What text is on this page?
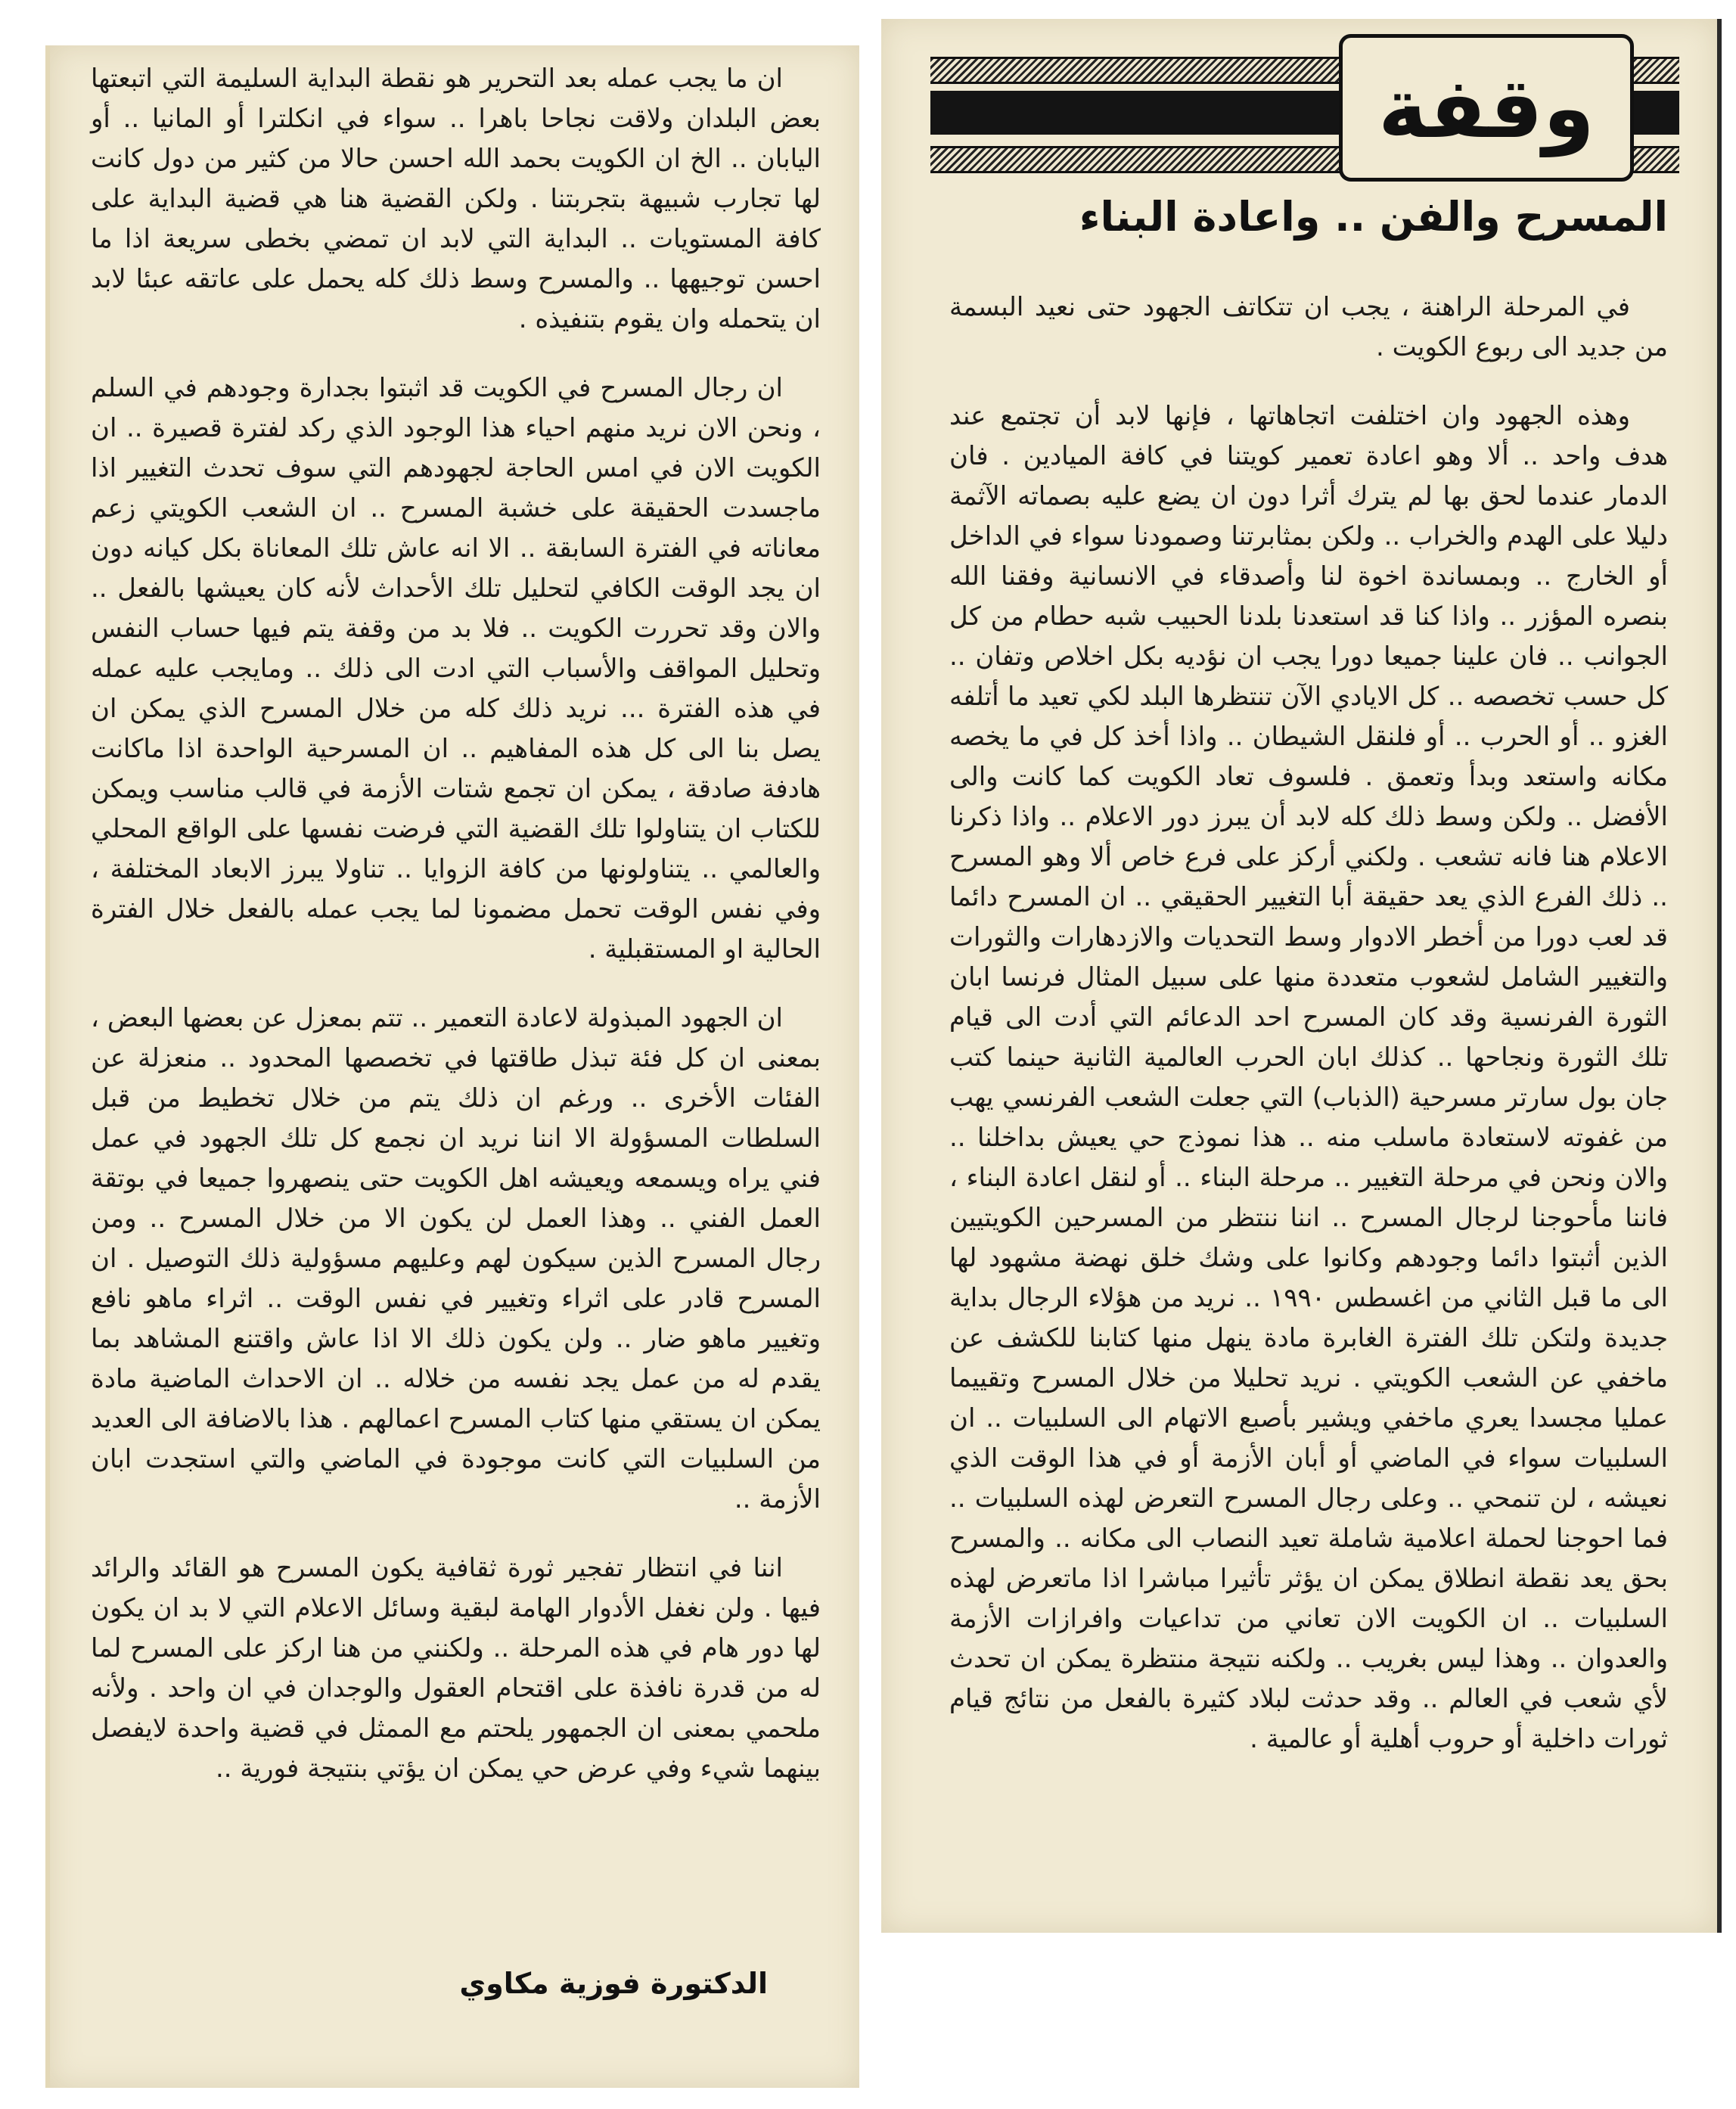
وقفة
المسرح والفن .. واعادة البناء

في المرحلة الراهنة ، يجب ان تتكاتف الجهود حتى نعيد البسمة من جديد الى ربوع الكويت .

وهذه الجهود وان اختلفت اتجاهاتها ، فإنها لابد أن تجتمع عند هدف واحد .. ألا وهو اعادة تعمير كويتنا في كافة الميادين . فان الدمار عندما لحق بها لم يترك أثرا دون ان يضع عليه بصماته الآثمة دليلا على الهدم والخراب .. ولكن بمثابرتنا وصمودنا سواء في الداخل أو الخارج .. وبمساندة اخوة لنا وأصدقاء في الانسانية وفقنا الله بنصره المؤزر .. واذا كنا قد استعدنا بلدنا الحبيب شبه حطام من كل الجوانب .. فان علينا جميعا دورا يجب ان نؤديه بكل اخلاص وتفان .. كل حسب تخصصه .. كل الايادي الآن تنتظرها البلد لكي تعيد ما أتلفه الغزو .. أو الحرب .. أو فلنقل الشيطان .. واذا أخذ كل في ما يخصه مكانه واستعد وبدأ وتعمق . فلسوف تعاد الكويت كما كانت والى الأفضل .. ولكن وسط ذلك كله لابد أن يبرز دور الاعلام .. واذا ذكرنا الاعلام هنا فانه تشعب . ولكني أركز على فرع خاص ألا وهو المسرح .. ذلك الفرع الذي يعد حقيقة أبا التغيير الحقيقي .. ان المسرح دائما قد لعب دورا من أخطر الادوار وسط التحديات والازدهارات والثورات والتغيير الشامل لشعوب متعددة منها على سبيل المثال فرنسا ابان الثورة الفرنسية وقد كان المسرح احد الدعائم التي أدت الى قيام تلك الثورة ونجاحها .. كذلك ابان الحرب العالمية الثانية حينما كتب جان بول سارتر مسرحية (الذباب) التي جعلت الشعب الفرنسي يهب من غفوته لاستعادة ماسلب منه .. هذا نموذج حي يعيش بداخلنا .. والان ونحن في مرحلة التغيير .. مرحلة البناء .. أو لنقل اعادة البناء ، فاننا مأحوجنا لرجال المسرح .. اننا ننتظر من المسرحين الكويتيين الذين أثبتوا دائما وجودهم وكانوا على وشك خلق نهضة مشهود لها الى ما قبل الثاني من اغسطس ١٩٩٠ .. نريد من هؤلاء الرجال بداية جديدة ولتكن تلك الفترة الغابرة مادة ينهل منها كتابنا للكشف عن ماخفي عن الشعب الكويتي . نريد تحليلا من خلال المسرح وتقييما عمليا مجسدا يعري ماخفي ويشير بأصبع الاتهام الى السلبيات .. ان السلبيات سواء في الماضي أو أبان الأزمة أو في هذا الوقت الذي نعيشه ، لن تنمحي .. وعلى رجال المسرح التعرض لهذه السلبيات .. فما احوجنا لحملة اعلامية شاملة تعيد النصاب الى مكانه .. والمسرح بحق يعد نقطة انطلاق يمكن ان يؤثر تأثيرا مباشرا اذا ماتعرض لهذه السلبيات .. ان الكويت الان تعاني من تداعيات وافرازات الأزمة والعدوان .. وهذا ليس بغريب .. ولكنه نتيجة منتظرة يمكن ان تحدث لأي شعب في العالم .. وقد حدثت لبلاد كثيرة بالفعل من نتائج قيام ثورات داخلية أو حروب أهلية أو عالمية .

ان ما يجب عمله بعد التحرير هو نقطة البداية السليمة التي اتبعتها بعض البلدان ولاقت نجاحا باهرا .. سواء في انكلترا أو المانيا .. أو اليابان .. الخ ان الكويت بحمد الله احسن حالا من كثير من دول كانت لها تجارب شبيهة بتجربتنا . ولكن القضية هنا هي قضية البداية على كافة المستويات .. البداية التي لابد ان تمضي بخطى سريعة اذا ما احسن توجيهها .. والمسرح وسط ذلك كله يحمل على عاتقه عبئا لابد ان يتحمله وان يقوم بتنفيذه .

ان رجال المسرح في الكويت قد اثبتوا بجدارة وجودهم في السلم ، ونحن الان نريد منهم احياء هذا الوجود الذي ركد لفترة قصيرة .. ان الكويت الان في امس الحاجة لجهودهم التي سوف تحدث التغيير اذا ماجسدت الحقيقة على خشبة المسرح .. ان الشعب الكويتي زعم معاناته في الفترة السابقة .. الا انه عاش تلك المعاناة بكل كيانه دون ان يجد الوقت الكافي لتحليل تلك الأحداث لأنه كان يعيشها بالفعل .. والان وقد تحررت الكويت .. فلا بد من وقفة يتم فيها حساب النفس وتحليل المواقف والأسباب التي ادت الى ذلك .. ومايجب عليه عمله في هذه الفترة ... نريد ذلك كله من خلال المسرح الذي يمكن ان يصل بنا الى كل هذه المفاهيم .. ان المسرحية الواحدة اذا ماكانت هادفة صادقة ، يمكن ان تجمع شتات الأزمة في قالب مناسب ويمكن للكتاب ان يتناولوا تلك القضية التي فرضت نفسها على الواقع المحلي والعالمي .. يتناولونها من كافة الزوايا .. تناولا يبرز الابعاد المختلفة ، وفي نفس الوقت تحمل مضمونا لما يجب عمله بالفعل خلال الفترة الحالية او المستقبلية .

ان الجهود المبذولة لاعادة التعمير .. تتم بمعزل عن بعضها البعض ، بمعنى ان كل فئة تبذل طاقتها في تخصصها المحدود .. منعزلة عن الفئات الأخرى .. ورغم ان ذلك يتم من خلال تخطيط من قبل السلطات المسؤولة الا اننا نريد ان نجمع كل تلك الجهود في عمل فني يراه ويسمعه ويعيشه اهل الكويت حتى ينصهروا جميعا في بوتقة العمل الفني .. وهذا العمل لن يكون الا من خلال المسرح .. ومن رجال المسرح الذين سيكون لهم وعليهم مسؤولية ذلك التوصيل . ان المسرح قادر على اثراء وتغيير في نفس الوقت .. اثراء ماهو نافع وتغيير ماهو ضار .. ولن يكون ذلك الا اذا عاش واقتنع المشاهد بما يقدم له من عمل يجد نفسه من خلاله .. ان الاحداث الماضية مادة يمكن ان يستقي منها كتاب المسرح اعمالهم . هذا بالاضافة الى العديد من السلبيات التي كانت موجودة في الماضي والتي استجدت ابان الأزمة ..

اننا في انتظار تفجير ثورة ثقافية يكون المسرح هو القائد والرائد فيها . ولن نغفل الأدوار الهامة لبقية وسائل الاعلام التي لا بد ان يكون لها دور هام في هذه المرحلة .. ولكنني من هنا اركز على المسرح لما له من قدرة نافذة على اقتحام العقول والوجدان في ان واحد . ولأنه ملحمي بمعنى ان الجمهور يلحتم مع الممثل في قضية واحدة لايفصل بينهما شيء وفي عرض حي يمكن ان يؤتي بنتيجة فورية ..

الدكتورة فوزية مكاوي
